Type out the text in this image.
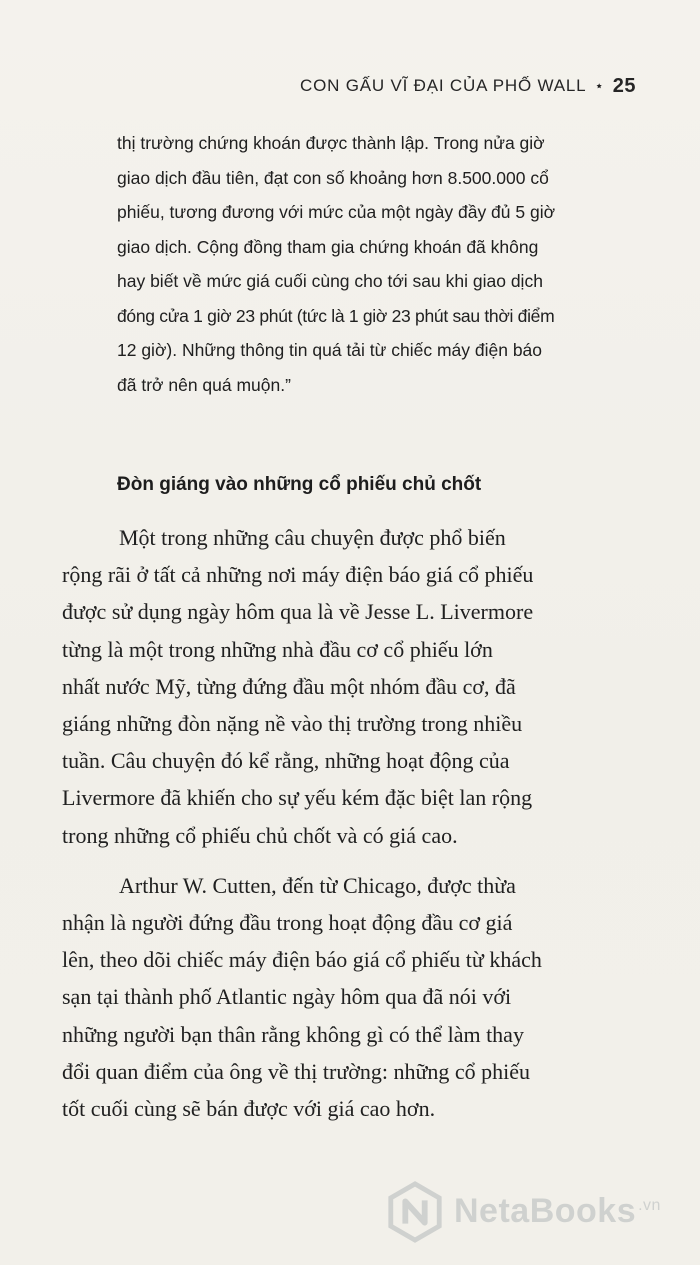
CON GẤU VĨ ĐẠI CỦA PHỐ WALL 25
thị trường chứng khoán được thành lập. Trong nửa giờ
giao dịch đầu tiên, đạt con số khoảng hơn 8.500.000 cổ
phiếu, tương đương với mức của một ngày đầy đủ 5 giờ
giao dịch. Cộng đồng tham gia chứng khoán đã không
hay biết về mức giá cuối cùng cho tới sau khi giao dịch
đóng cửa 1 giờ 23 phút (tức là 1 giờ 23 phút sau thời điểm
12 giờ). Những thông tin quá tải từ chiếc máy điện báo
đã trở nên quá muộn.”
Đòn giáng vào những cổ phiếu chủ chốt
Một trong những câu chuyện được phổ biến
rộng rãi ở tất cả những nơi máy điện báo giá cổ phiếu
được sử dụng ngày hôm qua là về Jesse L. Livermore
từng là một trong những nhà đầu cơ cổ phiếu lớn
nhất nước Mỹ, từng đứng đầu một nhóm đầu cơ, đã
giáng những đòn nặng nề vào thị trường trong nhiều
tuần. Câu chuyện đó kể rằng, những hoạt động của
Livermore đã khiến cho sự yếu kém đặc biệt lan rộng
trong những cổ phiếu chủ chốt và có giá cao.
Arthur W. Cutten, đến từ Chicago, được thừa
nhận là người đứng đầu trong hoạt động đầu cơ giá
lên, theo dõi chiếc máy điện báo giá cổ phiếu từ khách
sạn tại thành phố Atlantic ngày hôm qua đã nói với
những người bạn thân rằng không gì có thể làm thay
đổi quan điểm của ông về thị trường: những cổ phiếu
tốt cuối cùng sẽ bán được với giá cao hơn.
NetaBooks $^{.vn}$
